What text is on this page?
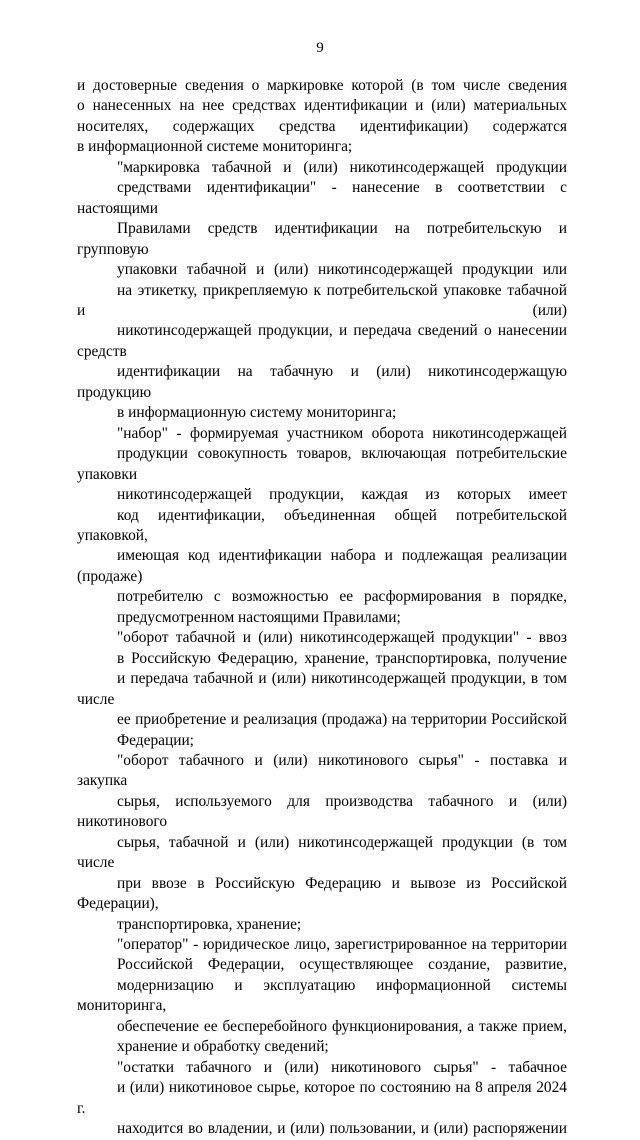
9

и достоверные сведения о маркировке которой (в том числе сведения
о нанесенных на нее средствах идентификации и (или) материальных
носителях, содержащих средства идентификации) содержатся
в информационной системе мониторинга;

"маркировка табачной и (или) никотинсодержащей продукции
средствами идентификации" - нанесение в соответствии с настоящими
Правилами средств идентификации на потребительскую и групповую
упаковки табачной и (или) никотинсодержащей продукции или
на этикетку, прикрепляемую к потребительской упаковке табачной и (или)
никотинсодержащей продукции, и передача сведений о нанесении средств
идентификации на табачную и (или) никотинсодержащую продукцию
в информационную систему мониторинга;

"набор" - формируемая участником оборота никотинсодержащей
продукции совокупность товаров, включающая потребительские упаковки
никотинсодержащей продукции, каждая из которых имеет
код идентификации, объединенная общей потребительской упаковкой,
имеющая код идентификации набора и подлежащая реализации (продаже)
потребителю с возможностью ее расформирования в порядке,
предусмотренном настоящими Правилами;

"оборот табачной и (или) никотинсодержащей продукции" - ввоз
в Российскую Федерацию, хранение, транспортировка, получение
и передача табачной и (или) никотинсодержащей продукции, в том числе
ее приобретение и реализация (продажа) на территории Российской
Федерации;

"оборот табачного и (или) никотинового сырья" - поставка и закупка
сырья, используемого для производства табачного и (или) никотинового
сырья, табачной и (или) никотинсодержащей продукции (в том числе
при ввозе в Российскую Федерацию и вывозе из Российской Федерации),
транспортировка, хранение;

"оператор" - юридическое лицо, зарегистрированное на территории
Российской Федерации, осуществляющее создание, развитие,
модернизацию и эксплуатацию информационной системы мониторинга,
обеспечение ее бесперебойного функционирования, а также прием,
хранение и обработку сведений;

"остатки табачного и (или) никотинового сырья" - табачное
и (или) никотиновое сырье, которое по состоянию на 8 апреля 2024 г.
находится во владении, и (или) пользовании, и (или) распоряжении
